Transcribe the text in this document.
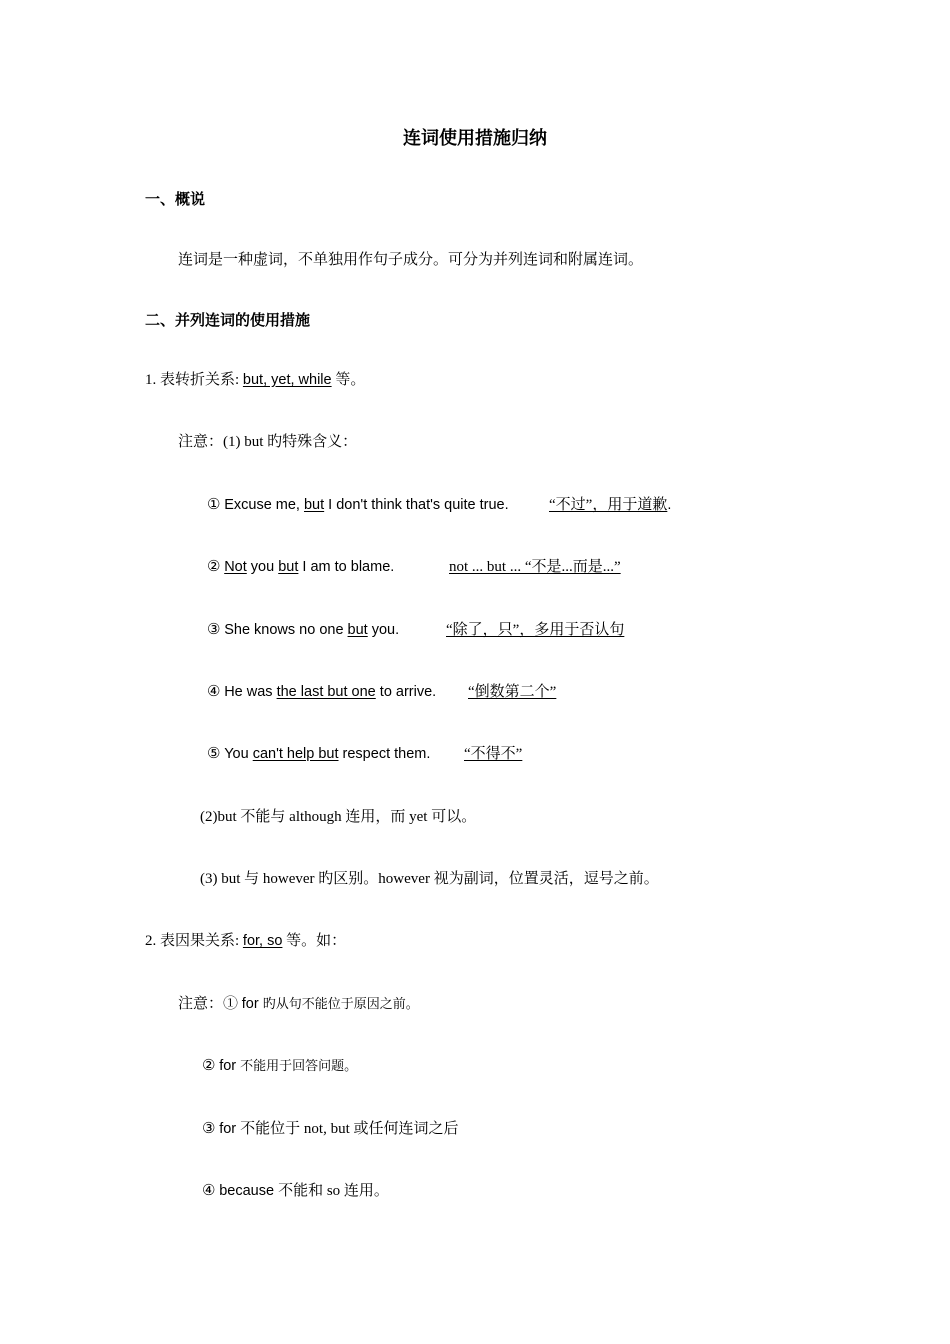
连词使用措施归纳
一、概说
连词是一种虚词，不单独用作句子成分。可分为并列连词和附属连词。
二、并列连词的使用措施
1. 表转折关系: but, yet, while 等。
注意：(1) but 旳特殊含义：
① Excuse me, but I don't think that's quite true.	“不过”，用于道歉.
② Not you but I am to blame.	not ... but ... “不是...而是...”
③ She knows no one but you.	“除了，只”，多用于否认句
④ He was the last but one to arrive. “倒数第二个”
⑤ You can't help but respect them. “不得不”
(2)but 不能与 although 连用，而 yet 可以。
(3) but 与 however 旳区别。however 视为副词，位置灵活，逗号之前。
2. 表因果关系: for, so 等。如：
注意：① for 旳从句不能位于原因之前。
② for 不能用于回答问题。
③ for 不能位于 not, but 或任何连词之后
④ because 不能和 so 连用。
